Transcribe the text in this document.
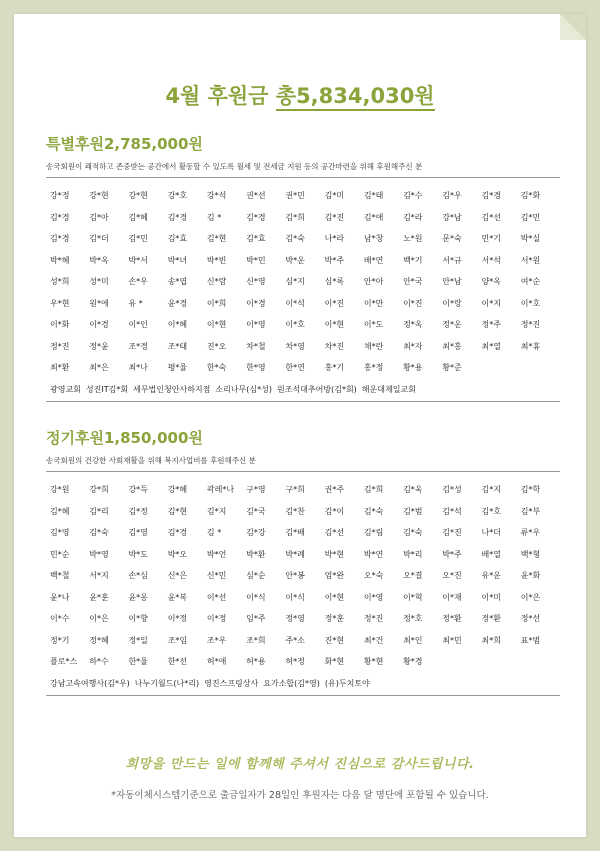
4월 후원금 총5,834,030원
특별후원2,785,000원
송국회원이 쾌적하고 존중받는 공간에서 활동할 수 있도록 월세 및 전세금 지원 등의 공간마련을 위해 후원해주신 분
강*정	강*현	강*현	강*호	강*석	권*선	권*민	김*미	김*태	김*수	김*우	김*경	김*화
김*경	김*아	김*혜	김*경	김 *	김*경	김*희	김*진	김*애	김*라	강*남	김*선	김*민
김*경	김*더	김*민	김*효	김*현	김*효	김*숙	나*라	남*창	노*원	문*숙	민*기	박*실
박*혜	박*옥	박*서	박*녀	박*빈	박*민	박*운	박*주	배*연	백*기	서*규	서*석	서*원
성*희	성*미	손*우	송*엽	신*람	신*영	심*지	심*록	안*아	안*국	안*남	양*옥	여*순
우*현	원*애	유 *	윤*경	이*희	이*경	이*석	이*진	이*만	이*진	이*랑	이*지	이*호
이*화	이*경	이*인	이*혜	이*현	이*영	이*호	이*현	이*도	정*옥	정*운	정*주	정*진
정*진	정*윤	조*경	조*태	진*오	차*철	차*영	차*진	채*란	최*자	최*홍	최*열	최*휴
최*환	최*은	최*나	평*율	한*숙	한*영	한*연	홍*기	홍*정	황*용	황*준
광영교회 성진IT김*회 세무법인청안사하지점 소리나무(심*성) 원조석대추어방(김*회) 해운대제일교회
정기후원1,850,000원
송국회원의 건강한 사회재활을 위해 복지사업비를 후원해주신 분
강*원	강*희	강*득	강*혜	곽레*나	구*영	구*희	권*주	김*희	김*욱	김*성	김*지	김*학
김*혜	김*리	김*정	김*현	김*지	김*국	김*찬	김*이	김*숙	김*범	김*석	김*호	김*부
김*영	김*숙	김*영	김*경	김 *	김*강	김*배	김*선	김*림	김*숙	김*진	나*더	류*우
민*순	박*영	박*도	박*오	박*언	박*환	박*례	박*현	박*연	박*리	박*주	배*열	백*형
백*철	서*지	손*심	신*은	신*민	심*순	안*봉	엄*완	오*숙	오*결	오*진	유*운	윤*화
윤*나	윤*훈	윤*옹	윤*복	이*선	이*식	이*식	이*현	이*영	이*혁	이*재	이*미	이*은
이*수	이*은	이*향	이*정	이*정	임*주	정*영	정*훈	정*진	정*호	정*환	정*환	정*선
정*기	정*혜	정*일	조*임	조*우	조*희	주*소	진*현	최*건	최*인	최*민	최*희	표*범
플로*스	하*수	한*율	한*선	허*애	허*용	허*정	화*현	황*현	황*경
강남고속여행사(김*우) 나누기월드(나*리) 영진스프링상사 요가소합(김*영) (유)두치토야
희망을 만드는 일에 함께해 주셔서 진심으로 감사드립니다.
*자동이체시스템기준으로 출금일자가 28일인 후원자는 다음 달 명단에 포함될 수 있습니다.
